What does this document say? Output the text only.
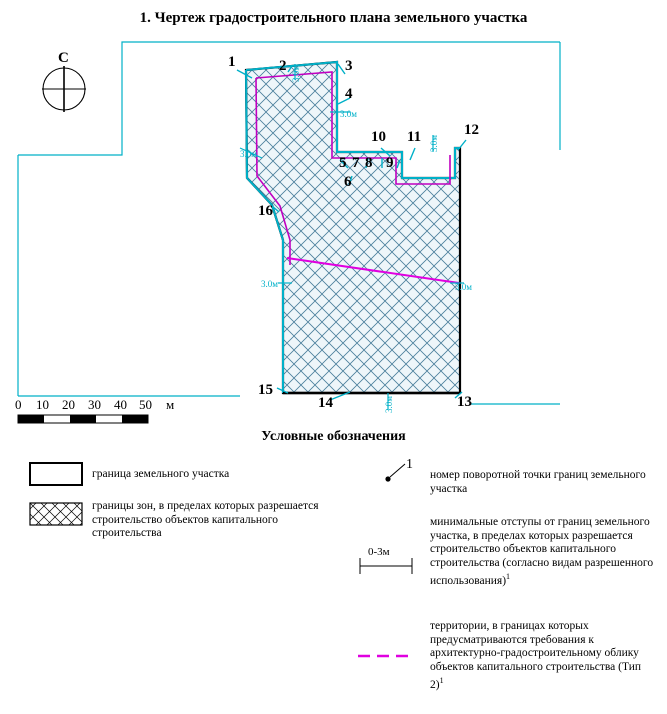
1. Чертеж градостроительного плана земельного участка
С	1	2	3
4
5
6
7 8 9
10 11	12
13
14
15
16
3.0м
3.0м
3.0м
3.0м
3.0м	3.0м
3.0м
0 10 20 30 40 50 м
Условные обозначения
граница земельного участка
границы зон, в пределах которых разрешается строительство объектов капитального строительства
1
номер поворотной точки границ земельного участка
0-3м
минимальные отступы от границ земельного участка, в пределах которых разрешается строительство объектов капитального строительства (согласно видам разрешенного использования)$^1$
территории, в границах которых предусматриваются требования к архитектурно-градостроительному облику объектов капитального строительства (Тип 2)$^1$
